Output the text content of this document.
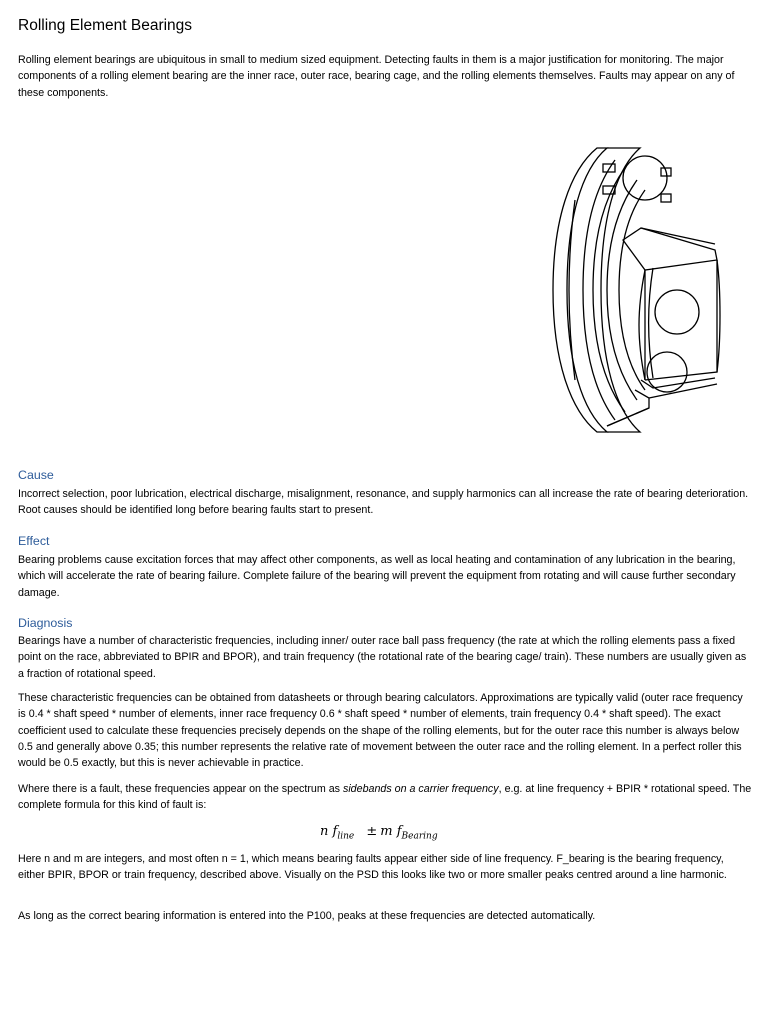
Rolling Element Bearings

Rolling element bearings are ubiquitous in small to medium sized equipment. Detecting faults in them is a major justification for monitoring. The major components of a rolling element bearing are the inner race, outer race, bearing cage, and the rolling elements themselves. Faults may appear on any of these components.

Cause

Incorrect selection, poor lubrication, electrical discharge, misalignment, resonance, and supply harmonics can all increase the rate of bearing deterioration. Root causes should be identified long before bearing faults start to present.

Effect

Bearing problems cause excitation forces that may affect other components, as well as local heating and contamination of any lubrication in the bearing, which will accelerate the rate of bearing failure. Complete failure of the bearing will prevent the equipment from rotating and will cause further secondary damage.

Diagnosis

Bearings have a number of characteristic frequencies, including inner/ outer race ball pass frequency (the rate at which the rolling elements pass a fixed point on the race, abbreviated to BPIR and BPOR), and train frequency (the rotational rate of the bearing cage/ train). These numbers are usually given as a fraction of rotational speed.

These characteristic frequencies can be obtained from datasheets or through bearing calculators. Approximations are typically valid (outer race frequency is 0.4 * shaft speed * number of elements, inner race frequency 0.6 * shaft speed * number of elements, train frequency 0.4 * shaft speed). The exact coefficient used to calculate these frequencies precisely depends on the shape of the rolling elements, but for the outer race this number is always below 0.5 and generally above 0.35; this number represents the relative rate of movement between the outer race and the rolling element. In a perfect roller this would be 0.5 exactly, but this is never achievable in practice.

Where there is a fault, these frequencies appear on the spectrum as sidebands on a carrier frequency, e.g. at line frequency + BPIR * rotational speed. The complete formula for this kind of fault is:

n $f_{line} \pm m$ $f_{Bearing}$

Here n and m are integers, and most often n = 1, which means bearing faults appear either side of line frequency. F_bearing is the bearing frequency, either BPIR, BPOR or train frequency, described above. Visually on the PSD this looks like two or more smaller peaks centred around a line harmonic.

As long as the correct bearing information is entered into the P100, peaks at these frequencies are detected automatically.
